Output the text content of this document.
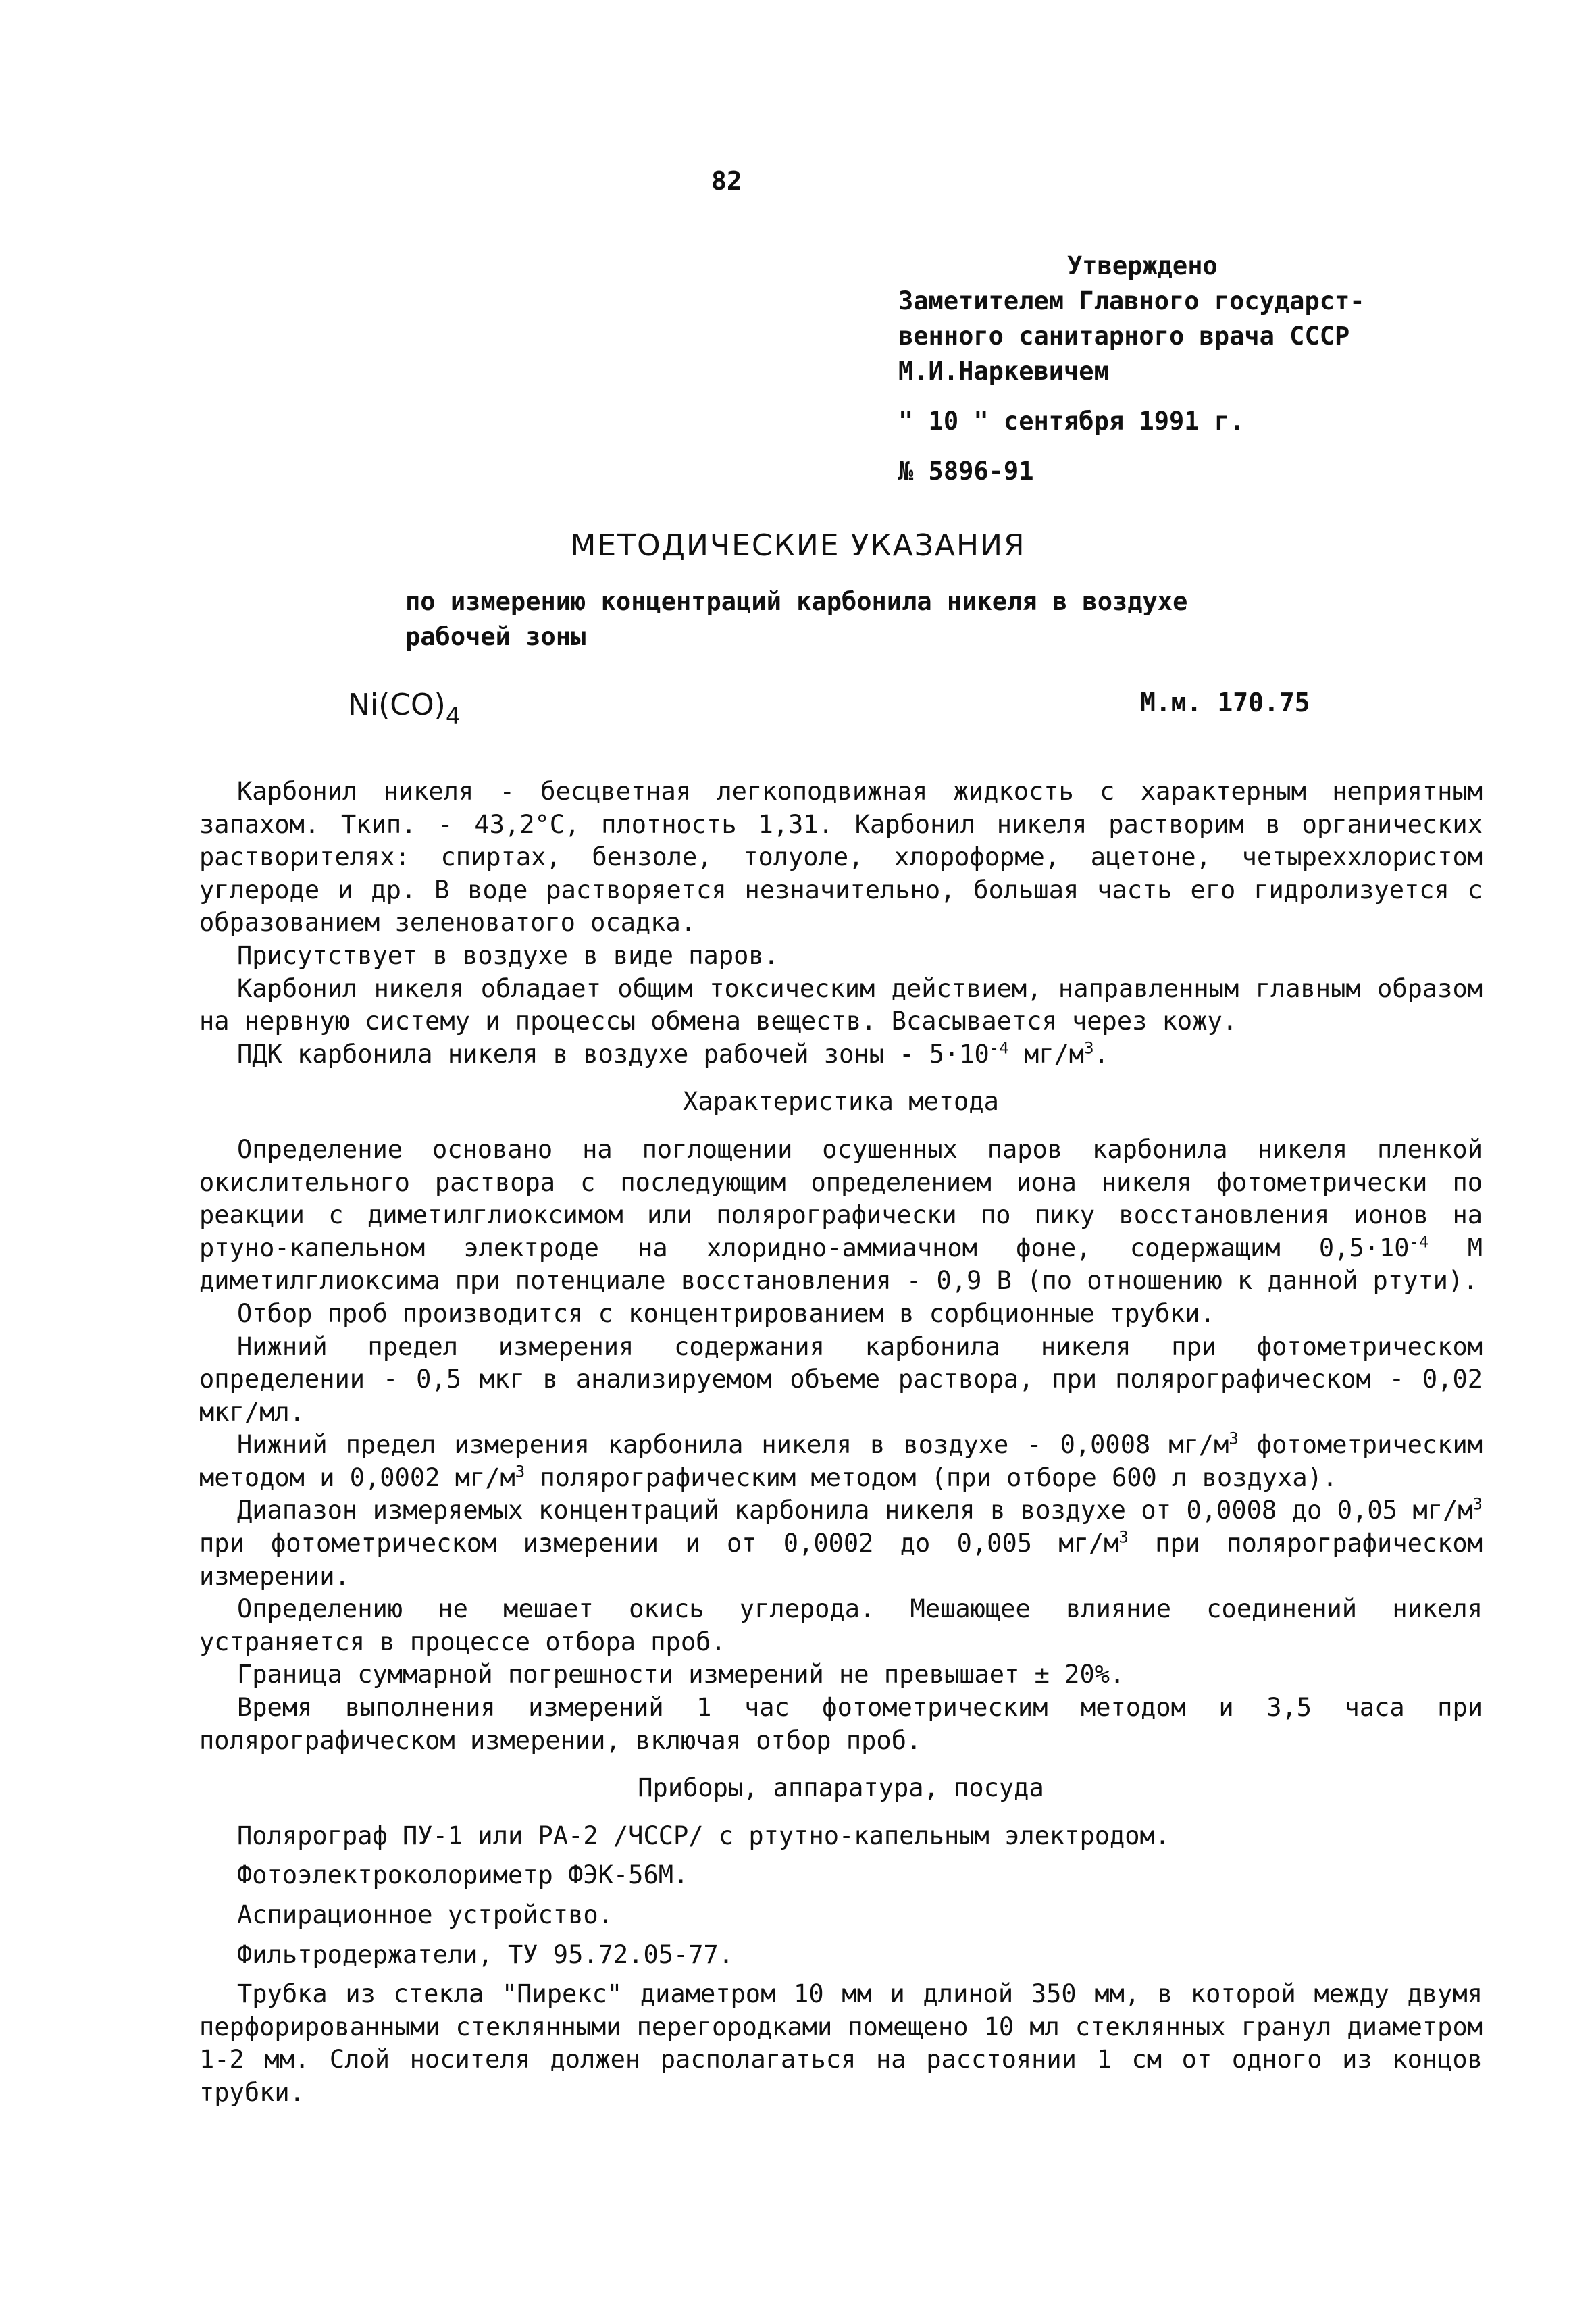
82
Утверждено
Заметителем Главного государст-
венного санитарного врача СССР
М.И.Наркевичем
" 10 " сентября 1991 г.
№ 5896-91
МЕТОДИЧЕСКИЕ УКАЗАНИЯ
по измерению концентраций карбонила никеля в воздухе рабочей зоны
$Ni(CO)_4$	М.м. 170.75

Карбонил никеля - бесцветная легкоподвижная жидкость с характерным неприятным запахом. Ткип. - 43,2°С, плотность 1,31. Карбонил никеля растворим в органических растворителях: спиртах, бензоле, толуоле, хлороформе, ацетоне, четыреххлористом углероде и др. В воде растворяется незначительно, большая часть его гидролизуется с образованием зеленоватого осадка.

Присутствует в воздухе в виде паров.

Карбонил никеля обладает общим токсическим действием, направленным главным образом на нервную систему и процессы обмена веществ. Всасывается через кожу.

ПДК карбонила никеля в воздухе рабочей зоны - $5\cdot 10^{-4}$ $мг/м^3$.

Характеристика метода

Определение основано на поглощении осушенных паров карбонила никеля пленкой окислительного раствора с последующим определением иона никеля фотометрически по реакции с диметилглиоксимом или полярографически по пику восстановления ионов на ртуно-капельном электроде на хлоридно-аммиачном фоне, содержащим $0,5\cdot 10^{-4}$ М диметилглиоксима при потенциале восстановления - 0,9 В (по отношению к данной ртути).

Отбор проб производится с концентрированием в сорбционные трубки.

Нижний предел измерения содержания карбонила никеля при фотометрическом определении - 0,5 мкг в анализируемом объеме раствора, при полярографическом - 0,02 мкг/мл.

Нижний предел измерения карбонила никеля в воздухе - 0,0008 $мг/м^3$ фотометрическим методом и 0,0002 $мг/м^3$ полярографическим методом (при отборе 600 л воздуха).

Диапазон измеряемых концентраций карбонила никеля в воздухе от 0,0008 до 0,05 $мг/м^3$ при фотометрическом измерении и от 0,0002 до 0,005 $мг/м^3$ при полярографическом измерении.

Определению не мешает окись углерода. Мешающее влияние соединений никеля устраняется в процессе отбора проб.

Граница суммарной погрешности измерений не превышает ± 20%.

Время выполнения измерений 1 час фотометрическим методом и 3,5 часа при полярографическом измерении, включая отбор проб.

Приборы, аппаратура, посуда

Полярограф ПУ-1 или РА-2 /ЧССР/ с ртутно-капельным электродом.

Фотоэлектроколориметр ФЭК-56М.

Аспирационное устройство.

Фильтродержатели, ТУ 95.72.05-77.

Трубка из стекла "Пирекс" диаметром 10 мм и длиной 350 мм, в которой между двумя перфорированными стеклянными перегородками помещено 10 мл стеклянных гранул диаметром 1-2 мм. Слой носителя должен располагаться на расстоянии 1 см от одного из концов трубки.
